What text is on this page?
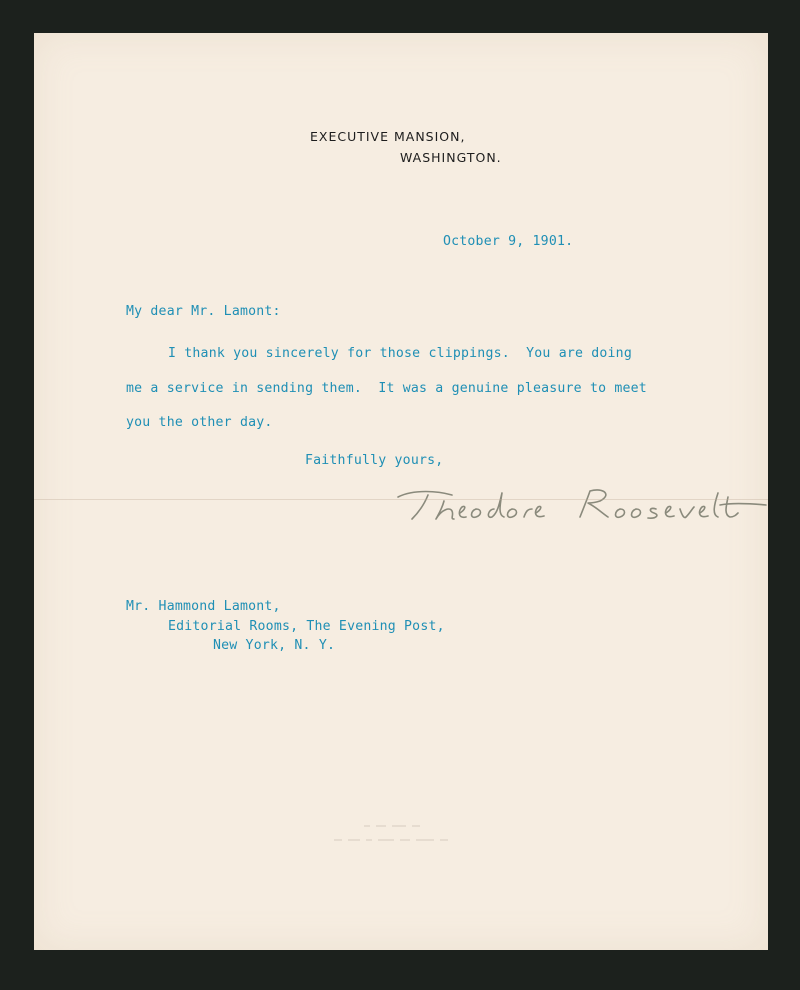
EXECUTIVE MANSION,
WASHINGTON.
October 9, 1901.
My dear Mr. Lamont:
I thank you sincerely for those clippings.  You are doing
me a service in sending them.  It was a genuine pleasure to meet
you the other day.
Faithfully yours,
Mr. Hammond Lamont,
Editorial Rooms, The Evening Post,
New York, N. Y.
